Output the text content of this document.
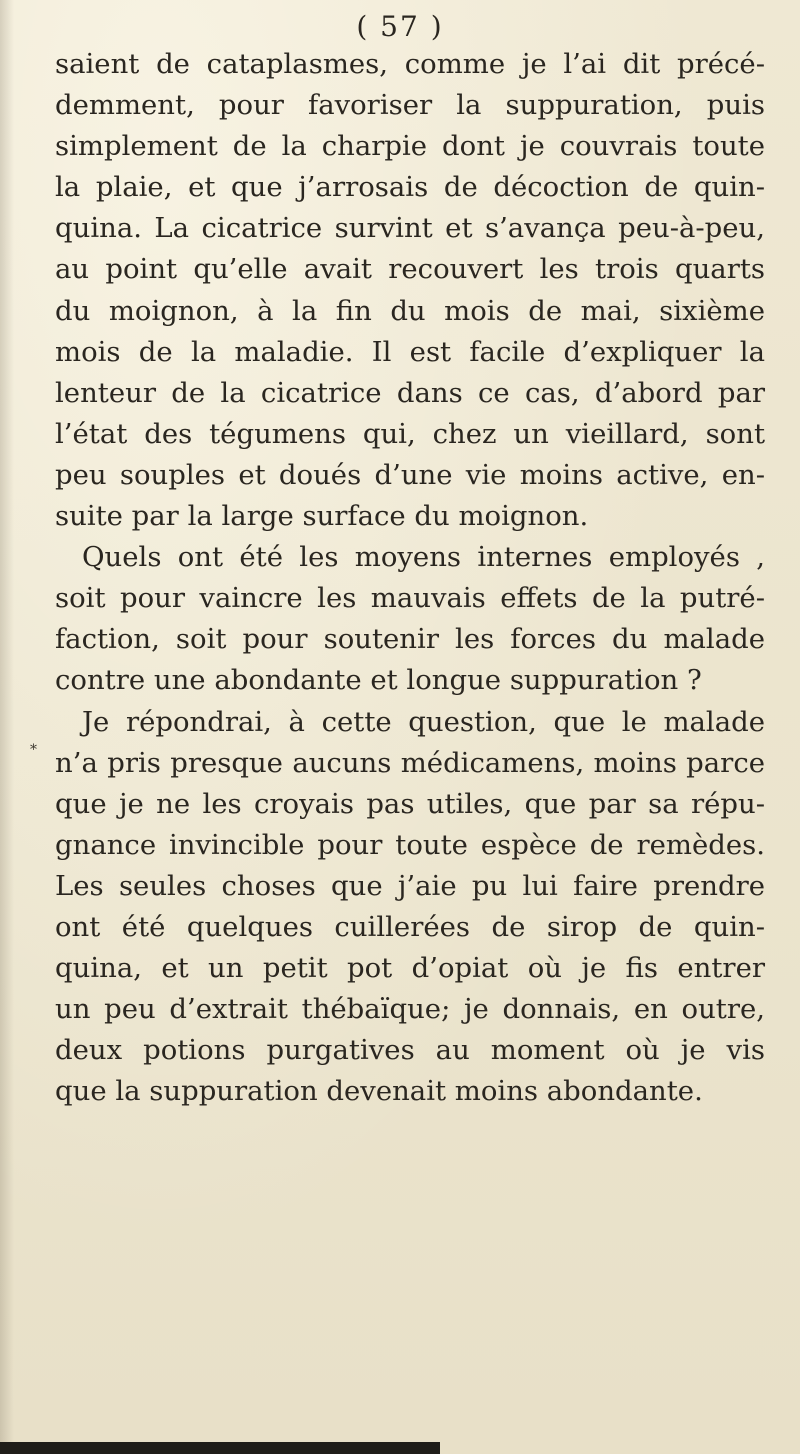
( 57 )
*
saient de cataplasmes, comme je l’ai dit précé-
demment, pour favoriser la suppuration, puis
simplement de la charpie dont je couvrais toute
la plaie, et que j’arrosais de décoction de quin-
quina. La cicatrice survint et s’avança peu-à-peu,
au point qu’elle avait recouvert les trois quarts
du moignon, à la fin du mois de mai, sixième
mois de la maladie. Il est facile d’expliquer la
lenteur de la cicatrice dans ce cas, d’abord par
l’état des tégumens qui, chez un vieillard, sont
peu souples et doués d’une vie moins active, en-
suite par la large surface du moignon.
Quels ont été les moyens internes employés ,
soit pour vaincre les mauvais effets de la putré-
faction, soit pour soutenir les forces du malade
contre une abondante et longue suppuration ?
Je répondrai, à cette question, que le malade
n’a pris presque aucuns médicamens, moins parce
que je ne les croyais pas utiles, que par sa répu-
gnance invincible pour toute espèce de remèdes.
Les seules choses que j’aie pu lui faire prendre
ont été quelques cuillerées de sirop de quin-
quina, et un petit pot d’opiat où je fis entrer
un peu d’extrait thébaïque; je donnais, en outre,
deux potions purgatives au moment où je vis
que la suppuration devenait moins abondante.
